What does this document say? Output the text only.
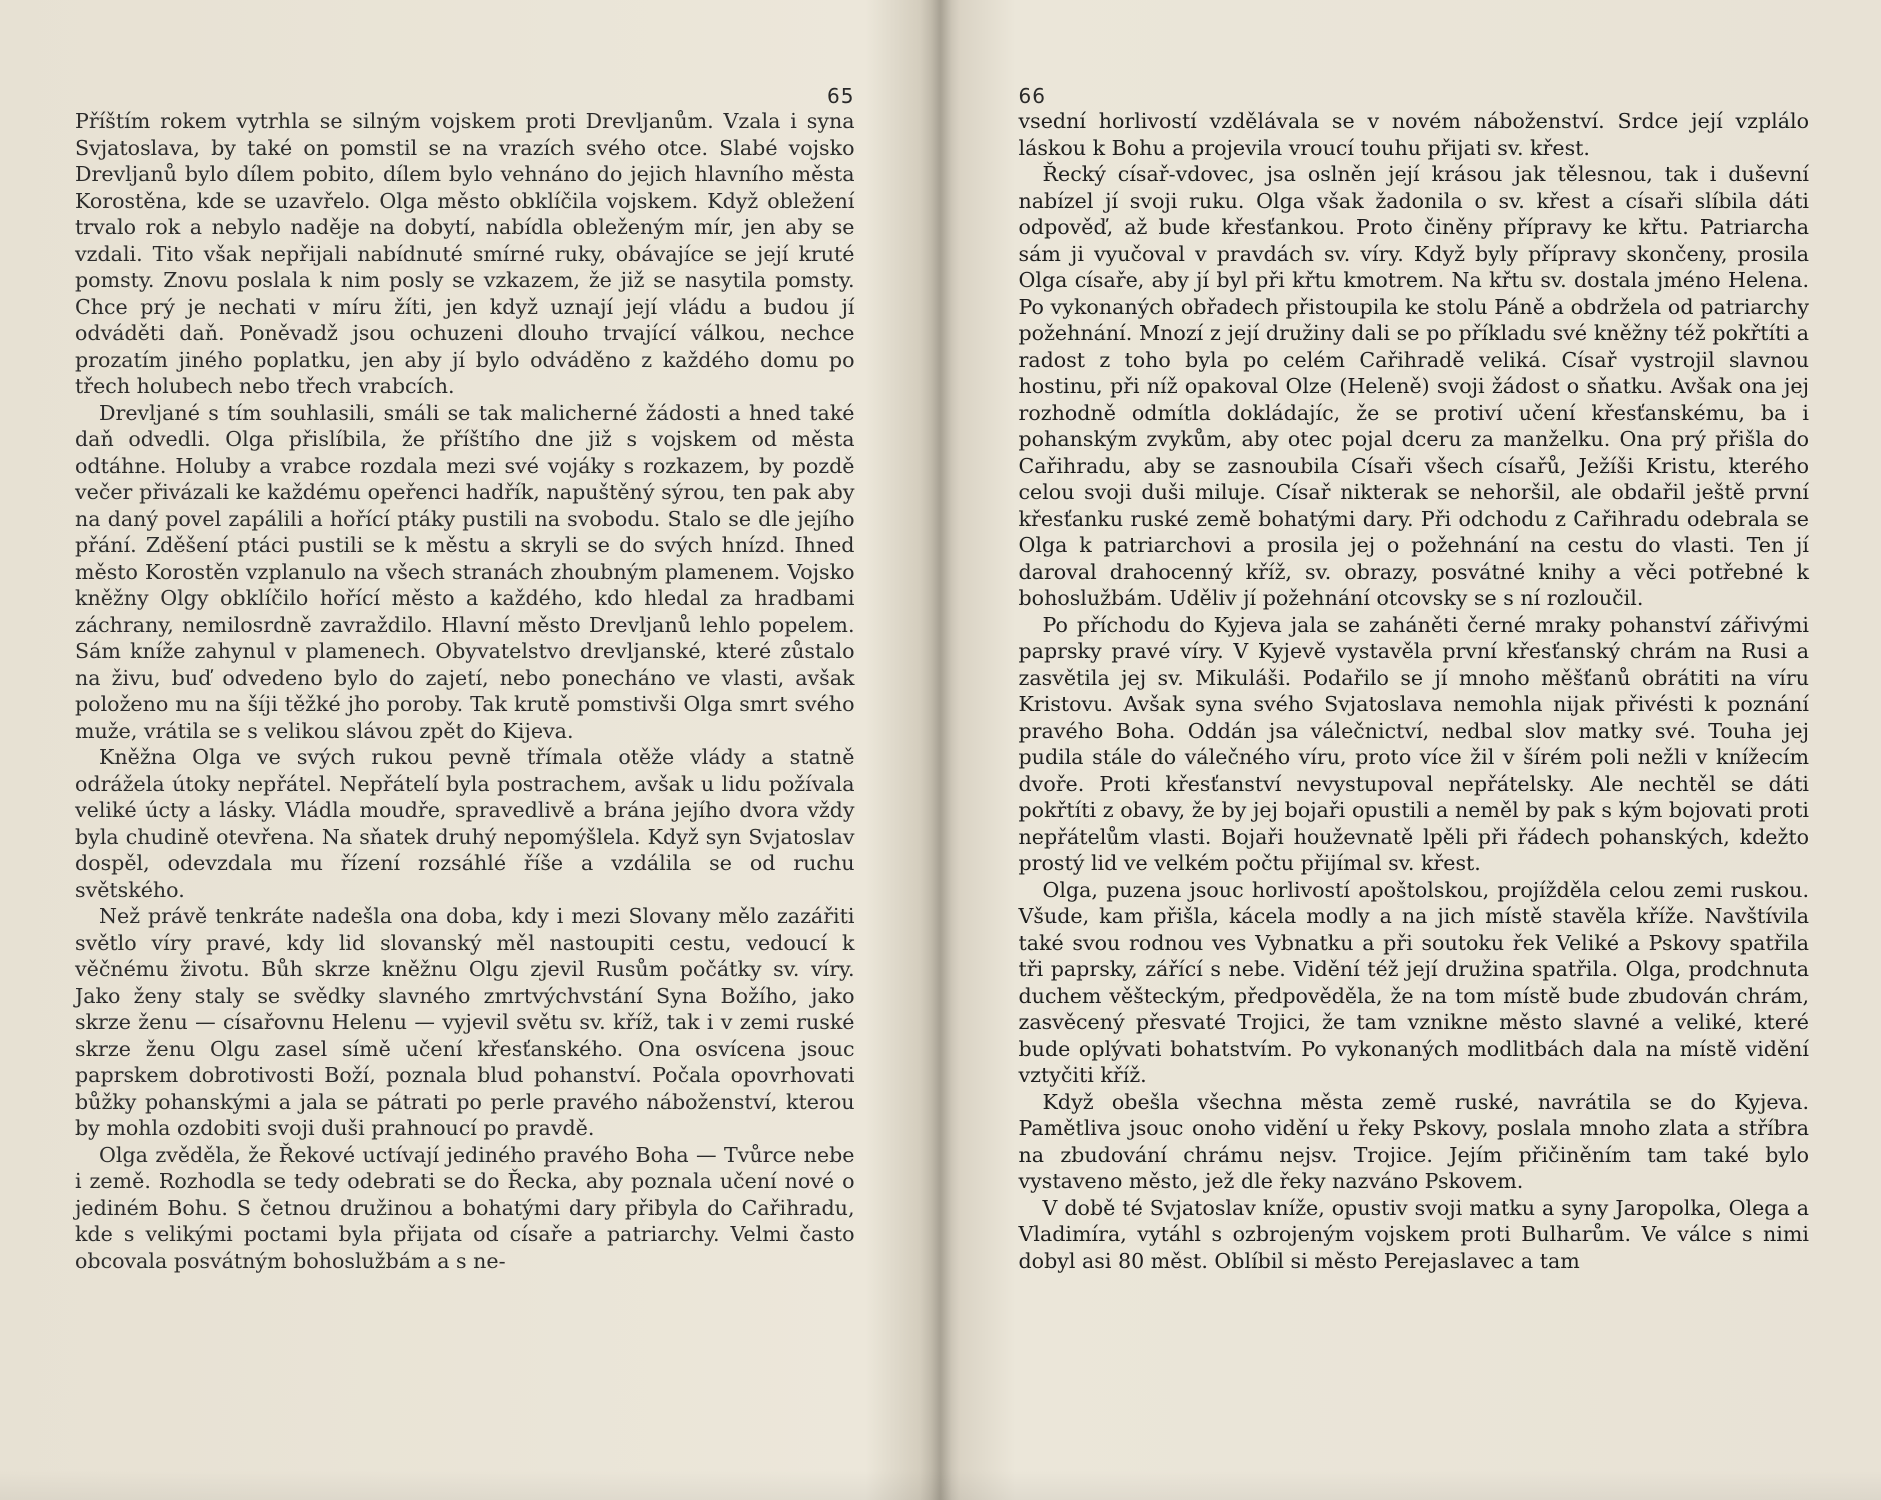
65

Příštím rokem vytrhla se silným vojskem proti Drevljanům. Vzala i syna Svjatoslava, by také on pomstil se na vrazích svého otce. Slabé vojsko Drevljanů bylo dílem pobito, dílem bylo vehnáno do jejich hlavního města Korostěna, kde se uzavřelo. Olga město obklíčila vojskem. Když obležení trvalo rok a nebylo naděje na dobytí, nabídla obleženým mír, jen aby se vzdali. Tito však nepřijali nabídnuté smírné ruky, obávajíce se její kruté pomsty. Znovu poslala k nim posly se vzkazem, že již se nasytila pomsty. Chce prý je nechati v míru žíti, jen když uznají její vládu a budou jí odváděti daň. Poněvadž jsou ochuzeni dlouho trvající válkou, nechce prozatím jiného poplatku, jen aby jí bylo odváděno z každého domu po třech holubech nebo třech vrabcích.

Drevljané s tím souhlasili, smáli se tak malicherné žádosti a hned také daň odvedli. Olga přislíbila, že příštího dne již s vojskem od města odtáhne. Holuby a vrabce rozdala mezi své vojáky s rozkazem, by pozdě večer přivázali ke každému opeřenci hadřík, napuštěný sýrou, ten pak aby na daný povel zapálili a hořící ptáky pustili na svobodu. Stalo se dle jejího přání. Zděšení ptáci pustili se k městu a skryli se do svých hnízd. Ihned město Korostěn vzplanulo na všech stranách zhoubným plamenem. Vojsko kněžny Olgy obklíčilo hořící město a každého, kdo hledal za hradbami záchrany, nemilosrdně zavraždilo. Hlavní město Drevljanů lehlo popelem. Sám kníže zahynul v plamenech. Obyvatelstvo drevljanské, které zůstalo na živu, buď odvedeno bylo do zajetí, nebo ponecháno ve vlasti, avšak položeno mu na šíji těžké jho poroby. Tak krutě pomstivši Olga smrt svého muže, vrátila se s velikou slávou zpět do Kijeva.

Kněžna Olga ve svých rukou pevně třímala otěže vlády a statně odrážela útoky nepřátel. Nepřátelí byla postrachem, avšak u lidu požívala veliké úcty a lásky. Vládla moudře, spravedlivě a brána jejího dvora vždy byla chudině otevřena. Na sňatek druhý nepomýšlela. Když syn Svjatoslav dospěl, odevzdala mu řízení rozsáhlé říše a vzdálila se od ruchu světského.

Než právě tenkráte nadešla ona doba, kdy i mezi Slovany mělo zazářiti světlo víry pravé, kdy lid slovanský měl nastoupiti cestu, vedoucí k věčnému životu. Bůh skrze kněžnu Olgu zjevil Rusům počátky sv. víry. Jako ženy staly se svědky slavného zmrtvýchvstání Syna Božího, jako skrze ženu — císařovnu Helenu — vyjevil světu sv. kříž, tak i v zemi ruské skrze ženu Olgu zasel símě učení křesťanského. Ona osvícena jsouc paprskem dobrotivosti Boží, poznala blud pohanství. Počala opovrhovati bůžky pohanskými a jala se pátrati po perle pravého náboženství, kterou by mohla ozdobiti svoji duši prahnoucí po pravdě.

Olga zvěděla, že Řekové uctívají jediného pravého Boha — Tvůrce nebe i země. Rozhodla se tedy odebrati se do Řecka, aby poznala učení nové o jediném Bohu. S četnou družinou a bohatými dary přibyla do Cařihradu, kde s velikými poctami byla přijata od císaře a patriarchy. Velmi často obcovala posvátným bohoslužbám a s ne-

66

vsední horlivostí vzdělávala se v novém náboženství. Srdce její vzplálo láskou k Bohu a projevila vroucí touhu přijati sv. křest.

Řecký císař-vdovec, jsa oslněn její krásou jak tělesnou, tak i duševní nabízel jí svoji ruku. Olga však žadonila o sv. křest a císaři slíbila dáti odpověď, až bude křesťankou. Proto činěny přípravy ke křtu. Patriarcha sám ji vyučoval v pravdách sv. víry. Když byly přípravy skončeny, prosila Olga císaře, aby jí byl při křtu kmotrem. Na křtu sv. dostala jméno Helena. Po vykonaných obřadech přistoupila ke stolu Páně a obdržela od patriarchy požehnání. Mnozí z její družiny dali se po příkladu své kněžny též pokřtíti a radost z toho byla po celém Cařihradě veliká. Císař vystrojil slavnou hostinu, při níž opakoval Olze (Heleně) svoji žádost o sňatku. Avšak ona jej rozhodně odmítla dokládajíc, že se protiví učení křesťanskému, ba i pohanským zvykům, aby otec pojal dceru za manželku. Ona prý přišla do Cařihradu, aby se zasnoubila Císaři všech císařů, Ježíši Kristu, kterého celou svoji duši miluje. Císař nikterak se nehoršil, ale obdařil ještě první křesťanku ruské země bohatými dary. Při odchodu z Cařihradu odebrala se Olga k patriarchovi a prosila jej o požehnání na cestu do vlasti. Ten jí daroval drahocenný kříž, sv. obrazy, posvátné knihy a věci potřebné k bohoslužbám. Uděliv jí požehnání otcovsky se s ní rozloučil.

Po příchodu do Kyjeva jala se zaháněti černé mraky pohanství zářivými paprsky pravé víry. V Kyjevě vystavěla první křesťanský chrám na Rusi a zasvětila jej sv. Mikuláši. Podařilo se jí mnoho měšťanů obrátiti na víru Kristovu. Avšak syna svého Svjatoslava nemohla nijak přivésti k poznání pravého Boha. Oddán jsa válečnictví, nedbal slov matky své. Touha jej pudila stále do válečného víru, proto více žil v šírém poli nežli v knížecím dvoře. Proti křesťanství nevystupoval nepřátelsky. Ale nechtěl se dáti pokřtíti z obavy, že by jej bojaři opustili a neměl by pak s kým bojovati proti nepřátelům vlasti. Bojaři houževnatě lpěli při řádech pohanských, kdežto prostý lid ve velkém počtu přijímal sv. křest.

Olga, puzena jsouc horlivostí apoštolskou, projížděla celou zemi ruskou. Všude, kam přišla, kácela modly a na jich místě stavěla kříže. Navštívila také svou rodnou ves Vybnatku a při soutoku řek Veliké a Pskovy spatřila tři paprsky, zářící s nebe. Vidění též její družina spatřila. Olga, prodchnuta duchem věšteckým, předpověděla, že na tom místě bude zbudován chrám, zasvěcený přesvaté Trojici, že tam vznikne město slavné a veliké, které bude oplývati bohatstvím. Po vykonaných modlitbách dala na místě vidění vztyčiti kříž.

Když obešla všechna města země ruské, navrátila se do Kyjeva. Pamětliva jsouc onoho vidění u řeky Pskovy, poslala mnoho zlata a stříbra na zbudování chrámu nejsv. Trojice. Jejím přičiněním tam také bylo vystaveno město, jež dle řeky nazváno Pskovem.

V době té Svjatoslav kníže, opustiv svoji matku a syny Jaropolka, Olega a Vladimíra, vytáhl s ozbrojeným vojskem proti Bulharům. Ve válce s nimi dobyl asi 80 měst. Oblíbil si město Perejaslavec a tam
